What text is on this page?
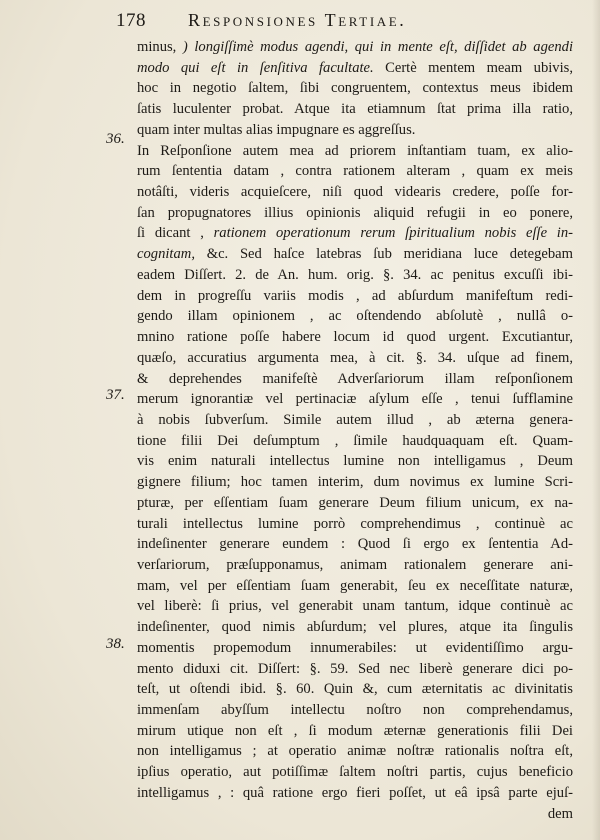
178 Responsiones Tertiae.
36.
37.
38.
minus, ) longiſſimè modus agendi, qui in mente eſt, diſſidet ab agendi
modo qui eſt in ſenſitiva facultate. Certè mentem meam ubivis,
hoc in negotio ſaltem, ſibi congruentem, contextus meus ibidem
ſatis luculenter probat. Atque ita etiamnum ſtat prima illa ratio,
quam inter multas alias impugnare es aggreſſus.
In Reſponſione autem mea ad priorem inſtantiam tuam, ex alio-
rum ſententia datam , contra rationem alteram , quam ex meis
notâſti, videris acquieſcere, niſi quod videaris credere, poſſe for-
ſan propugnatores illius opinionis aliquid refugii in eo ponere,
ſi dicant , rationem operationum rerum ſpiritualium nobis eſſe in-
cognitam, &c. Sed haſce latebras ſub meridiana luce detegebam
eadem Diſſert. 2. de An. hum. orig. §. 34. ac penitus excuſſi ibi-
dem in progreſſu variis modis , ad abſurdum manifeſtum redi-
gendo illam opinionem , ac oſtendendo abſolutè , nullâ o-
mnino ratione poſſe habere locum id quod urgent. Excutiantur,
quæſo, accuratius argumenta mea, à cit. §. 34. uſque ad finem,
& deprehendes manifeſtè Adverſariorum illam reſponſionem
merum ignorantiæ vel pertinaciæ aſylum eſſe , tenui ſufflamine
à nobis ſubverſum. Simile autem illud , ab æterna genera-
tione filii Dei deſumptum , ſimile haudquaquam eſt. Quam-
vis enim naturali intellectus lumine non intelligamus , Deum
gignere filium; hoc tamen interim, dum novimus ex lumine Scri-
pturæ, per eſſentiam ſuam generare Deum filium unicum, ex na-
turali intellectus lumine porrò comprehendimus , continuè ac
indeſinenter generare eundem : Quod ſi ergo ex ſententia Ad-
verſariorum, præſupponamus, animam rationalem generare ani-
mam, vel per eſſentiam ſuam generabit, ſeu ex neceſſitate naturæ,
vel liberè: ſi prius, vel generabit unam tantum, idque continuè ac
indeſinenter, quod nimis abſurdum; vel plures, atque ita ſingulis
momentis propemodum innumerabiles: ut evidentiſſimo argu-
mento diduxi cit. Diſſert: §. 59. Sed nec liberè generare dici po-
teſt, ut oſtendi ibid. §. 60. Quin &, cum æternitatis ac divinitatis
immenſam abyſſum intellectu noſtro non comprehendamus,
mirum utique non eſt , ſi modum æternæ generationis filii Dei
non intelligamus ; at operatio animæ noſtræ rationalis noſtra eſt,
ipſius operatio, aut potiſſimæ ſaltem noſtri partis, cujus beneficio
intelligamus , : quâ ratione ergo fieri poſſet, ut eâ ipsâ parte ejuſ-
dem
